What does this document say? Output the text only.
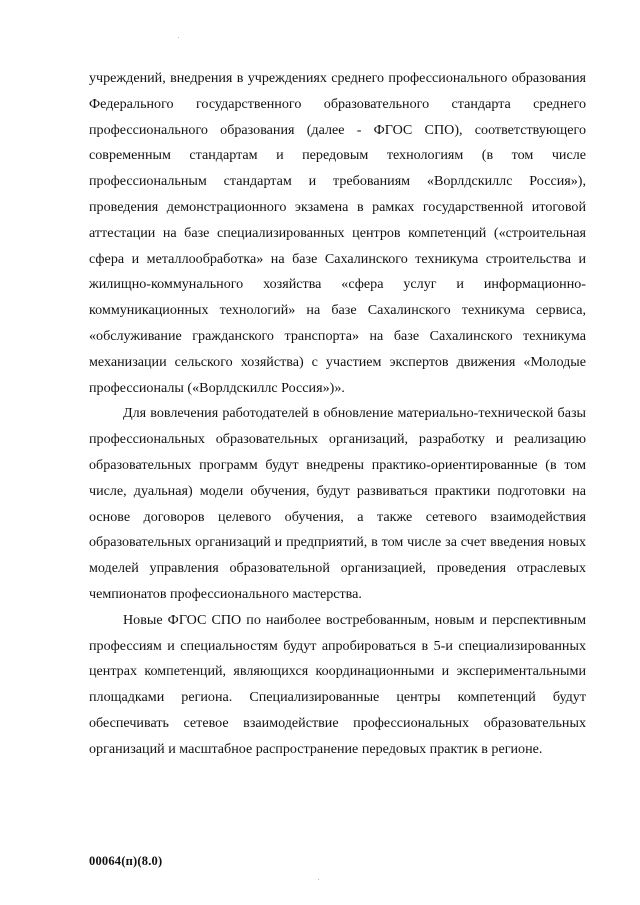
учреждений, внедрения в учреждениях среднего профессионального образования Федерального государственного образовательного стандарта среднего профессионального образования (далее - ФГОС СПО), соответствующего современным стандартам и передовым технологиям (в том числе профессиональным стандартам и требованиям «Ворлдскиллс Россия»), проведения демонстрационного экзамена в рамках государственной итоговой аттестации на базе специализированных центров компетенций («строительная сфера и металлообработка» на базе Сахалинского техникума строительства и жилищно-коммунального хозяйства «сфера услуг и информационно-коммуникационных технологий» на базе Сахалинского техникума сервиса, «обслуживание гражданского транспорта» на базе Сахалинского техникума механизации сельского хозяйства) с участием экспертов движения «Молодые профессионалы («Ворлдскиллс Россия»)».

Для вовлечения работодателей в обновление материально-технической базы профессиональных образовательных организаций, разработку и реализацию образовательных программ будут внедрены практико-ориентированные (в том числе, дуальная) модели обучения, будут развиваться практики подготовки на основе договоров целевого обучения, а также сетевого взаимодействия образовательных организаций и предприятий, в том числе за счет введения новых моделей управления образовательной организацией, проведения отраслевых чемпионатов профессионального мастерства.

Новые ФГОС СПО по наиболее востребованным, новым и перспективным профессиям и специальностям будут апробироваться в 5-и специализированных центрах компетенций, являющихся координационными и экспериментальными площадками региона. Специализированные центры компетенций будут обеспечивать сетевое взаимодействие профессиональных образовательных организаций и масштабное распространение передовых практик в регионе.

00064(п)(8.0)
